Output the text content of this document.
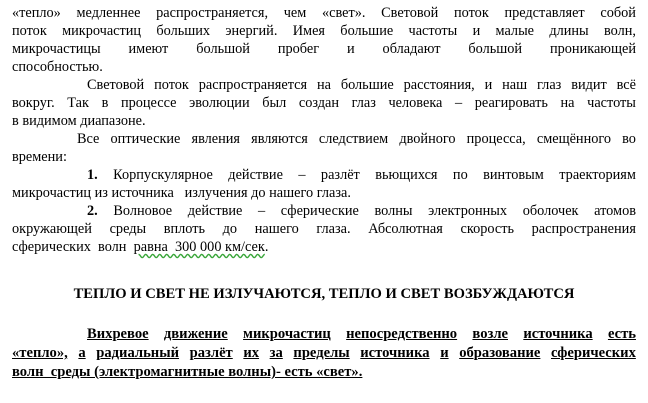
«тепло» медленнее распространяется, чем «свет». Световой поток представляет собой
поток микрочастиц больших энергий. Имея большие частоты и малые длины волн,
микрочастицы имеют большой пробег и обладают большой проникающей
способностью.
Световой поток распространяется на большие расстояния, и наш глаз видит всё
вокруг. Так в процессе эволюции был создан глаз человека – реагировать на частоты
в видимом диапазоне.
Все оптические явления являются следствием двойного процесса, смещённого во
времени:
1. Корпускулярное действие – разлёт вьющихся по винтовым траекториям
микрочастиц из источника   излучения до нашего глаза.
2. Волновое действие – сферические волны электронных оболочек атомов
окружающей среды вплоть до нашего глаза. Абсолютная скорость распространения
сферических  волн  равна  300 000 км/сек.
ТЕПЛО И СВЕТ НЕ ИЗЛУЧАЮТСЯ, ТЕПЛО И СВЕТ ВОЗБУЖДАЮТСЯ
Вихревое движение микрочастиц непосредственно возле источника есть
«тепло», а радиальный разлёт их за пределы источника и образование сферических
волн  среды (электромагнитные волны)- есть «свет».
